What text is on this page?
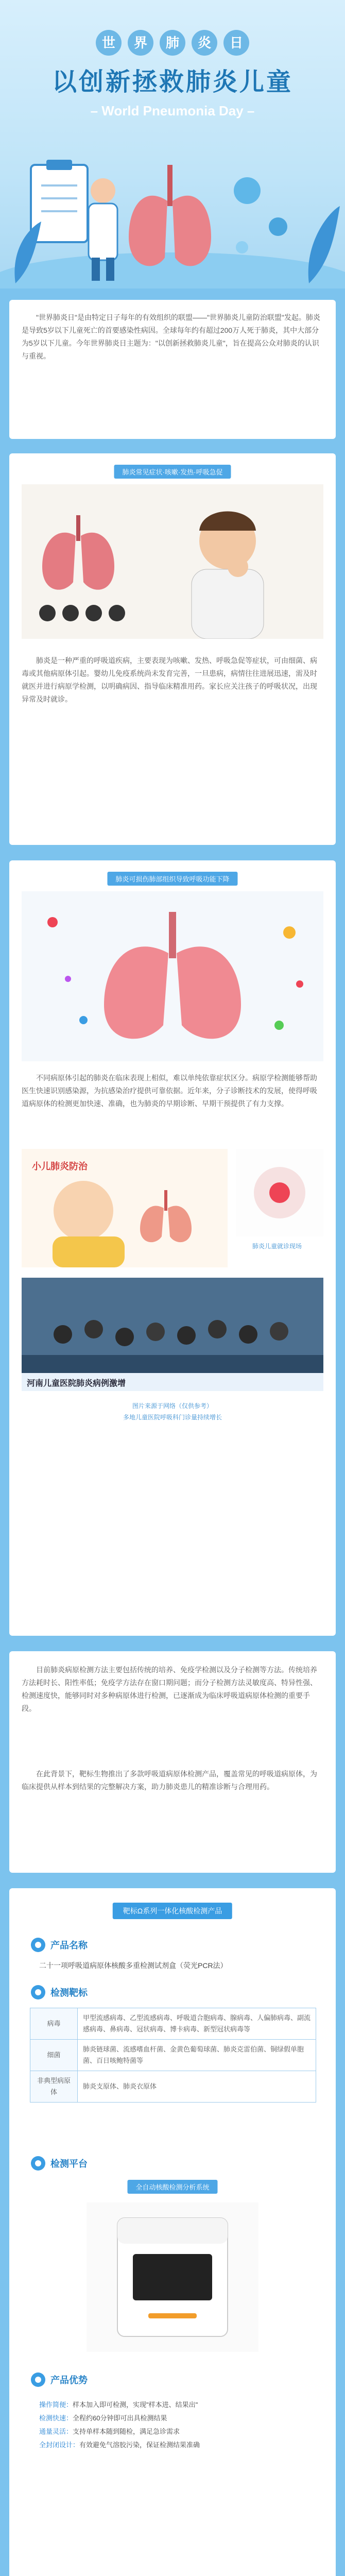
世 界 肺 炎 日
以创新拯救肺炎儿童
– World Pneumonia Day –

"世界肺炎日"是由特定日子每年的有效组织的联盟——"世界肺炎儿童防治联盟"发起。肺炎是导致5岁以下儿童死亡的首要感染性病因。全球每年约有超过200万人死于肺炎，其中大部分为5岁以下儿童。今年世界肺炎日主题为："以创新拯救肺炎儿童"，旨在提高公众对肺炎的认识与重视。

肺炎常见症状·咳嗽·发热·呼吸急促

肺炎是一种严重的呼吸道疾病，主要表现为咳嗽、发热、呼吸急促等症状，可由细菌、病毒或其他病原体引起。婴幼儿免疫系统尚未发育完善，一旦患病，病情往往进展迅速，需及时就医并进行病原学检测，以明确病因、指导临床精准用药。家长应关注孩子的呼吸状况，出现异常及时就诊。

肺炎可损伤肺部组织导致呼吸功能下降

不同病原体引起的肺炎在临床表现上相似，难以单纯依靠症状区分。病原学检测能够帮助医生快速识别感染源，为抗感染治疗提供可靠依据。近年来，分子诊断技术的发展，使得呼吸道病原体的检测更加快速、准确，也为肺炎的早期诊断、早期干预提供了有力支撑。

小儿肺炎防治
肺炎儿童就诊现场
河南儿童医院肺炎病例激增
图片来源于网络（仅供参考）
多地儿童医院呼吸科门诊量持续增长

目前肺炎病原检测方法主要包括传统的培养、免疫学检测以及分子检测等方法。传统培养方法耗时长、阳性率低；免疫学方法存在窗口期问题；而分子检测方法灵敏度高、特异性强、检测速度快，能够同时对多种病原体进行检测，已逐渐成为临床呼吸道病原体检测的重要手段。

在此背景下，靶标生物推出了多款呼吸道病原体检测产品，覆盖常见的呼吸道病原体，为临床提供从样本到结果的完整解决方案，助力肺炎患儿的精准诊断与合理用药。

靶标Ω系列一体化核酸检测产品
产品名称
二十一项呼吸道病原体核酸多重检测试剂盒（荧光PCR法）
检测靶标
病毒	甲型流感病毒、乙型流感病毒、呼吸道合胞病毒、腺病毒、人偏肺病毒、副流感病毒、鼻病毒、冠状病毒、博卡病毒、新型冠状病毒等
细菌	肺炎链球菌、流感嗜血杆菌、金黄色葡萄球菌、肺炎克雷伯菌、铜绿假单胞菌、百日咳鲍特菌等
非典型病原体	肺炎支原体、肺炎衣原体
检测平台
全自动核酸检测分析系统
产品优势
操作简便：样本加入即可检测，实现"样本进、结果出"
检测快速：全程约60分钟即可出具检测结果
通量灵活：支持单样本随到随检，满足急诊需求
全封闭设计：有效避免气溶胶污染，保证检测结果准确
